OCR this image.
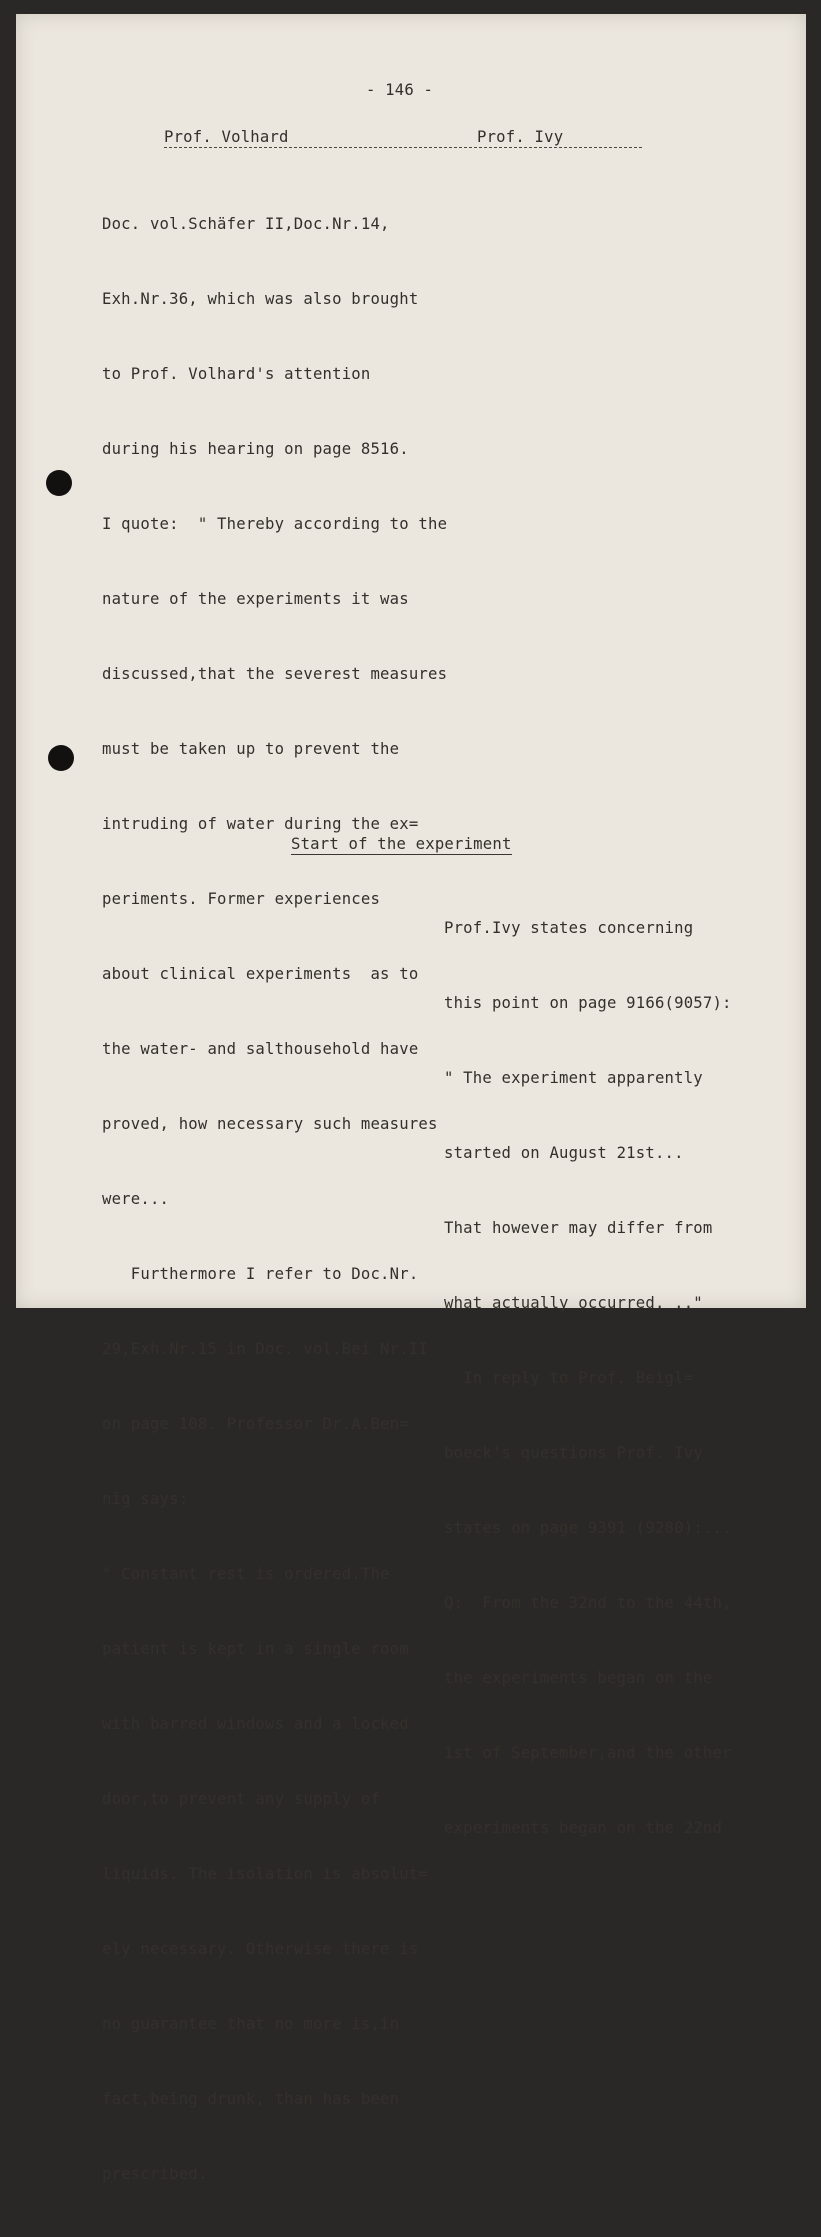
- 146 -
Prof. Volhard	Prof. Ivy

Doc. vol.Schäfer II,Doc.Nr.14,

Exh.Nr.36, which was also brought

to Prof. Volhard's attention

during his hearing on page 8516.

I quote:  " Thereby according to the

nature of the experiments it was

discussed,that the severest measures

must be taken up to prevent the

intruding of water during the ex=

periments. Former experiences

about clinical experiments  as to

the water- and salthousehold have

proved, how necessary such measures

were...

Furthermore I refer to Doc.Nr.

29,Exh.Nr.15 in Doc. vol.Bei Nr.II

on page 108. Professor Dr.A.Ben=

nig says:

" Constant rest is ordered.The

patient is kept in a single room

with barred windows and a locked

door,to prevent any supply of

liquids. The isolation is absolut=

ely necessary. Otherwise there is

no guarantee that no more is,in

fact,being drunk, than has been

prescribed.

Start of the experiment

Prof.Ivy states concerning

this point on page 9166(9057):

" The experiment apparently

started on August 21st...

That however may differ from

what actually occurred. .."

In reply to Prof. Beigl=

boeck's questions Prof. Ivy

states on page 9391 (9280):...

Q:  From the 32nd to the 44th,

the experiments began on the

1st of September,and the other

experiments began on the 22nd
